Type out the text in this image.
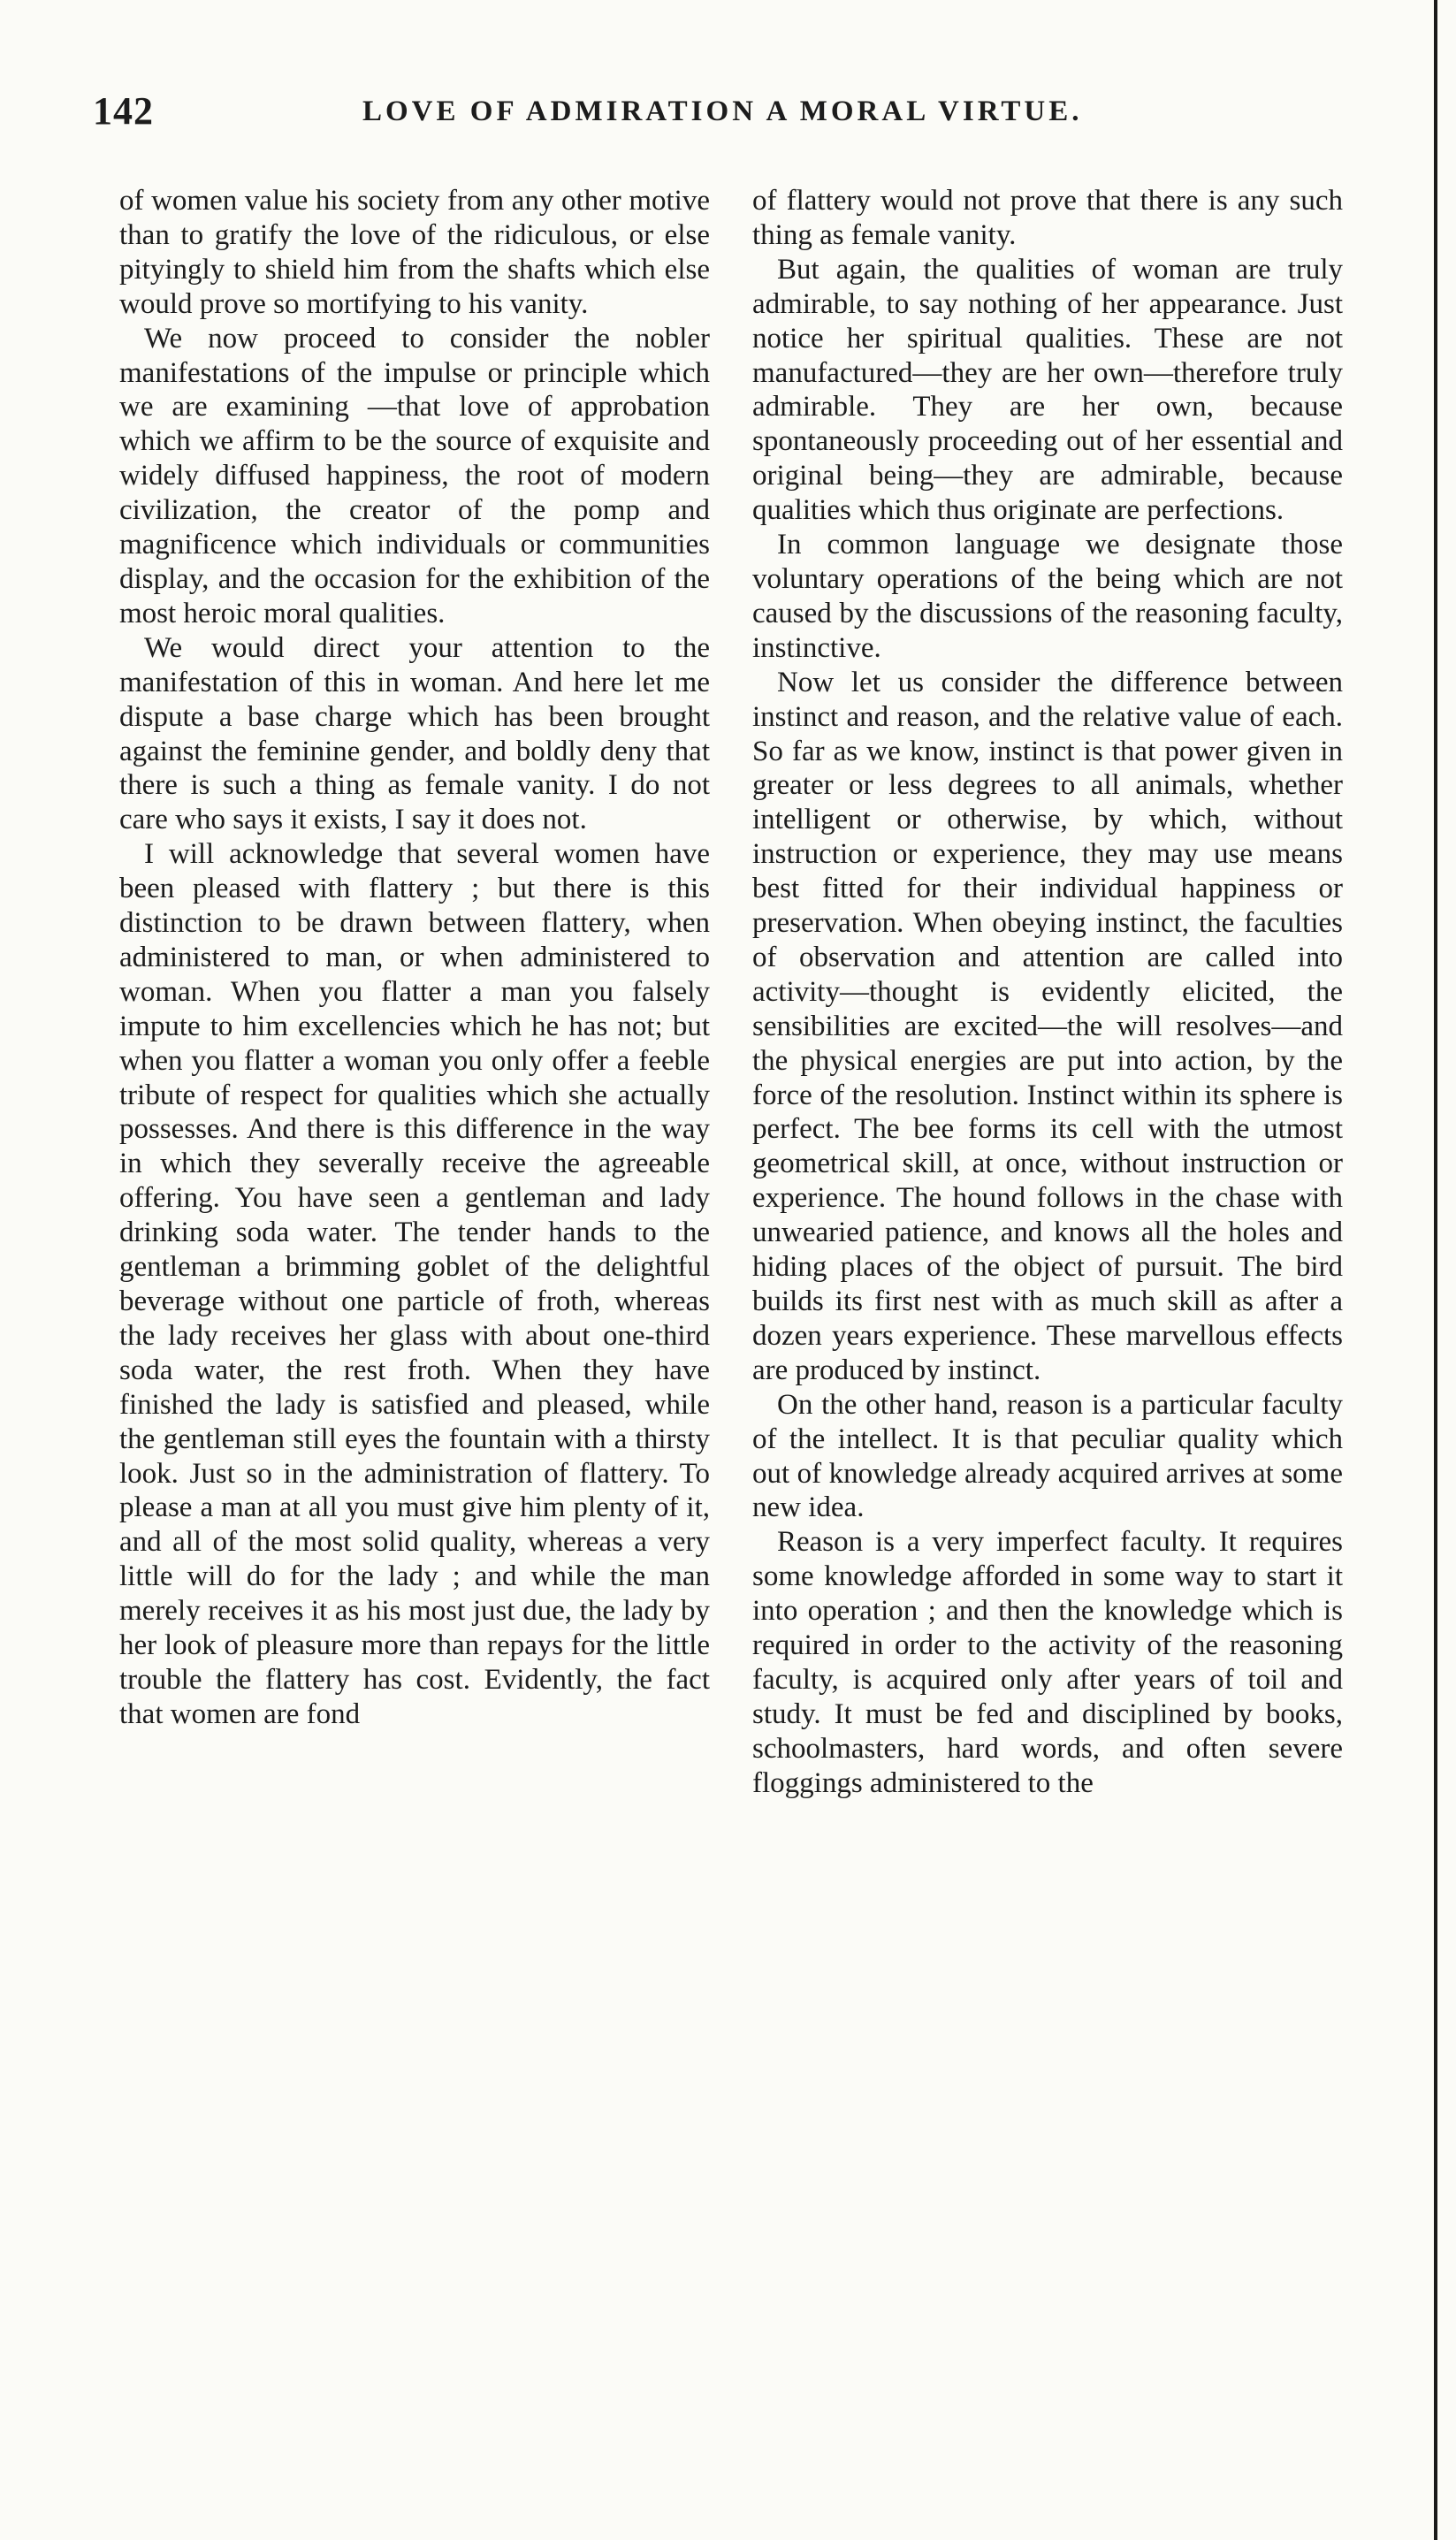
142	LOVE OF ADMIRATION A MORAL VIRTUE.

of women value his society from any other motive than to gratify the love of the ridiculous, or else pityingly to shield him from the shafts which else would prove so mortifying to his vanity.

We now proceed to consider the nobler manifestations of the impulse or principle which we are examining —that love of approbation which we affirm to be the source of exquisite and widely diffused happiness, the root of modern civilization, the creator of the pomp and magnificence which individuals or communities display, and the occasion for the exhibition of the most heroic moral qualities.

We would direct your attention to the manifestation of this in woman. And here let me dispute a base charge which has been brought against the feminine gender, and boldly deny that there is such a thing as female vanity. I do not care who says it exists, I say it does not.

I will acknowledge that several women have been pleased with flattery ; but there is this distinction to be drawn between flattery, when administered to man, or when administered to woman. When you flatter a man you falsely impute to him excellencies which he has not; but when you flatter a woman you only offer a feeble tribute of respect for qualities which she actually possesses. And there is this difference in the way in which they severally receive the agreeable offering. You have seen a gentleman and lady drinking soda water. The tender hands to the gentleman a brimming goblet of the delightful beverage without one particle of froth, whereas the lady receives her glass with about one-third soda water, the rest froth. When they have finished the lady is satisfied and pleased, while the gentleman still eyes the fountain with a thirsty look. Just so in the administration of flattery. To please a man at all you must give him plenty of it, and all of the most solid quality, whereas a very little will do for the lady ; and while the man merely receives it as his most just due, the lady by her look of pleasure more than repays for the little trouble the flattery has cost. Evidently, the fact that women are fond

of flattery would not prove that there is any such thing as female vanity.

But again, the qualities of woman are truly admirable, to say nothing of her appearance. Just notice her spiritual qualities. These are not manufactured—they are her own—therefore truly admirable. They are her own, because spontaneously proceeding out of her essential and original being—they are admirable, because qualities which thus originate are perfections.

In common language we designate those voluntary operations of the being which are not caused by the discussions of the reasoning faculty, instinctive.

Now let us consider the difference between instinct and reason, and the relative value of each. So far as we know, instinct is that power given in greater or less degrees to all animals, whether intelligent or otherwise, by which, without instruction or experience, they may use means best fitted for their individual happiness or preservation. When obeying instinct, the faculties of observation and attention are called into activity—thought is evidently elicited, the sensibilities are excited—the will resolves—and the physical energies are put into action, by the force of the resolution. Instinct within its sphere is perfect. The bee forms its cell with the utmost geometrical skill, at once, without instruction or experience. The hound follows in the chase with unwearied patience, and knows all the holes and hiding places of the object of pursuit. The bird builds its first nest with as much skill as after a dozen years experience. These marvellous effects are produced by instinct.

On the other hand, reason is a particular faculty of the intellect. It is that peculiar quality which out of knowledge already acquired arrives at some new idea.

Reason is a very imperfect faculty. It requires some knowledge afforded in some way to start it into operation ; and then the knowledge which is required in order to the activity of the reasoning faculty, is acquired only after years of toil and study. It must be fed and disciplined by books, schoolmasters, hard words, and often severe floggings administered to the
